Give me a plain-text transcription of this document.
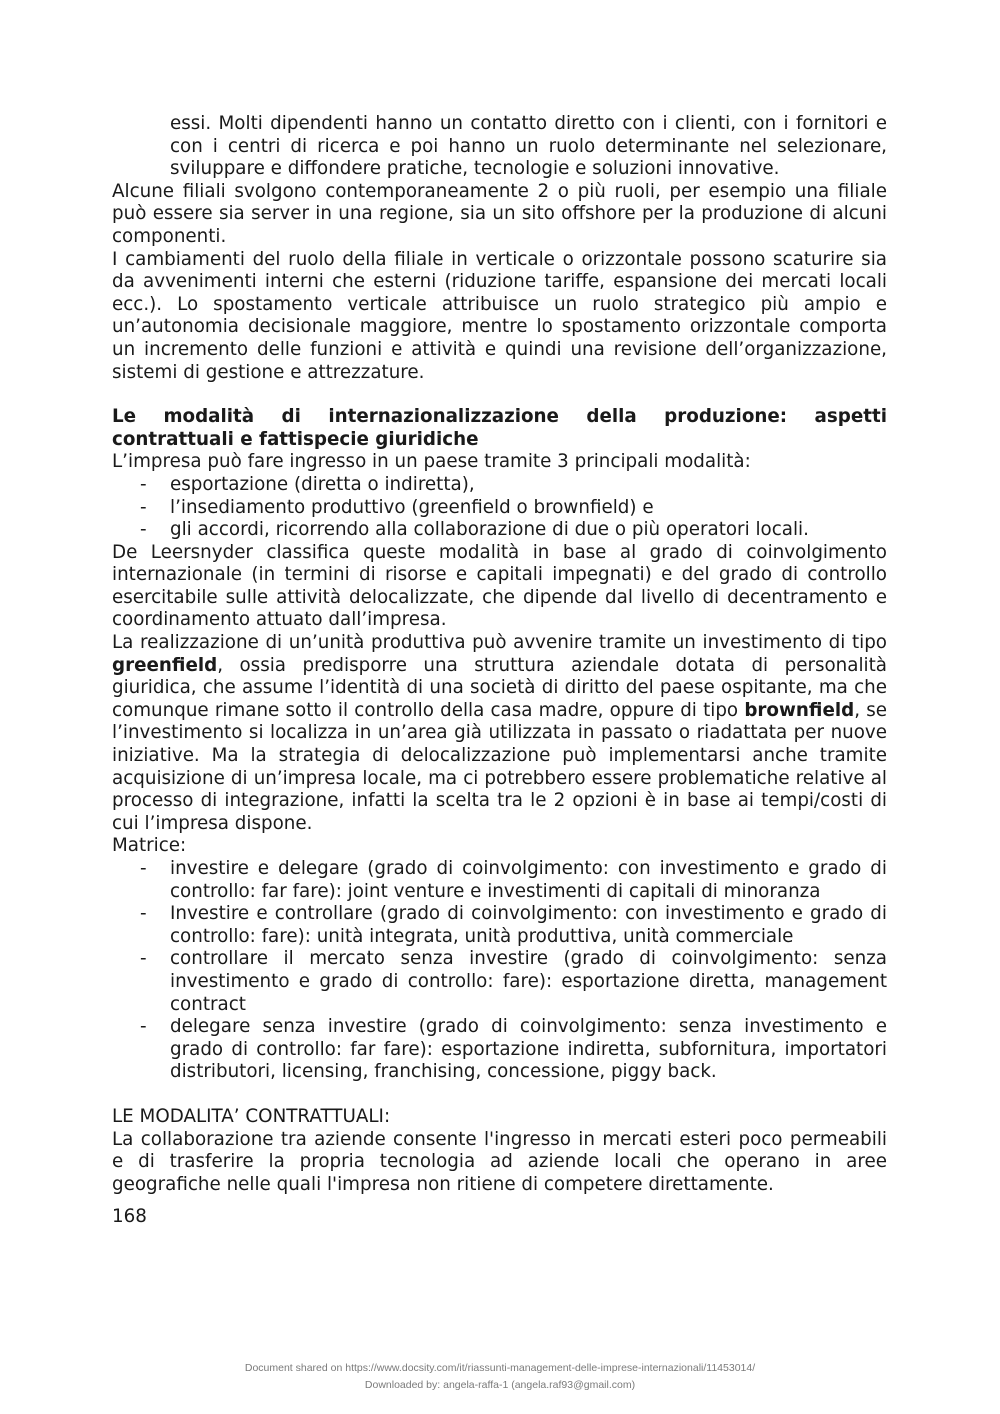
essi. Molti dipendenti hanno un contatto diretto con i clienti, con i fornitori e con i centri di ricerca e poi hanno un ruolo determinante nel selezionare, sviluppare e diffondere pratiche, tecnologie e soluzioni innovative.

Alcune filiali svolgono contemporaneamente 2 o più ruoli, per esempio una filiale può essere sia server in una regione, sia un sito offshore per la produzione di alcuni componenti.

I cambiamenti del ruolo della filiale in verticale o orizzontale possono scaturire sia da avvenimenti interni che esterni (riduzione tariffe, espansione dei mercati locali ecc.). Lo spostamento verticale attribuisce un ruolo strategico più ampio e un’autonomia decisionale maggiore, mentre lo spostamento orizzontale comporta un incremento delle funzioni e attività e quindi una revisione dell’organizzazione, sistemi di gestione e attrezzature.

Le modalità di internazionalizzazione della produzione: aspetti contrattuali e fattispecie giuridiche

L’impresa può fare ingresso in un paese tramite 3 principali modalità:

- esportazione (diretta o indiretta),
- l’insediamento produttivo (greenfield o brownfield) e
- gli accordi, ricorrendo alla collaborazione di due o più operatori locali.

De Leersnyder classifica queste modalità in base al grado di coinvolgimento internazionale (in termini di risorse e capitali impegnati) e del grado di controllo esercitabile sulle attività delocalizzate, che dipende dal livello di decentramento e coordinamento attuato dall’impresa.

La realizzazione di un’unità produttiva può avvenire tramite un investimento di tipo greenfield, ossia predisporre una struttura aziendale dotata di personalità giuridica, che assume l’identità di una società di diritto del paese ospitante, ma che comunque rimane sotto il controllo della casa madre, oppure di tipo brownfield, se l’investimento si localizza in un’area già utilizzata in passato o riadattata per nuove iniziative. Ma la strategia di delocalizzazione può implementarsi anche tramite acquisizione di un’impresa locale, ma ci potrebbero essere problematiche relative al processo di integrazione, infatti la scelta tra le 2 opzioni è in base ai tempi/costi di cui l’impresa dispone.

Matrice:

- investire e delegare (grado di coinvolgimento: con investimento e grado di controllo: far fare): joint venture e investimenti di capitali di minoranza
- Investire e controllare (grado di coinvolgimento: con investimento e grado di controllo: fare): unità integrata, unità produttiva, unità commerciale
- controllare il mercato senza investire (grado di coinvolgimento: senza investimento e grado di controllo: fare): esportazione diretta, management contract
- delegare senza investire (grado di coinvolgimento: senza investimento e grado di controllo: far fare): esportazione indiretta, subfornitura, importatori distributori, licensing, franchising, concessione, piggy back.

LE MODALITA’ CONTRATTUALI:

La collaborazione tra aziende consente l'ingresso in mercati esteri poco permeabili e di trasferire la propria tecnologia ad aziende locali che operano in aree geografiche nelle quali l'impresa non ritiene di competere direttamente.

168

Document shared on https://www.docsity.com/it/riassunti-management-delle-imprese-internazionali/11453014/
Downloaded by: angela-raffa-1 (angela.raf93@gmail.com)
